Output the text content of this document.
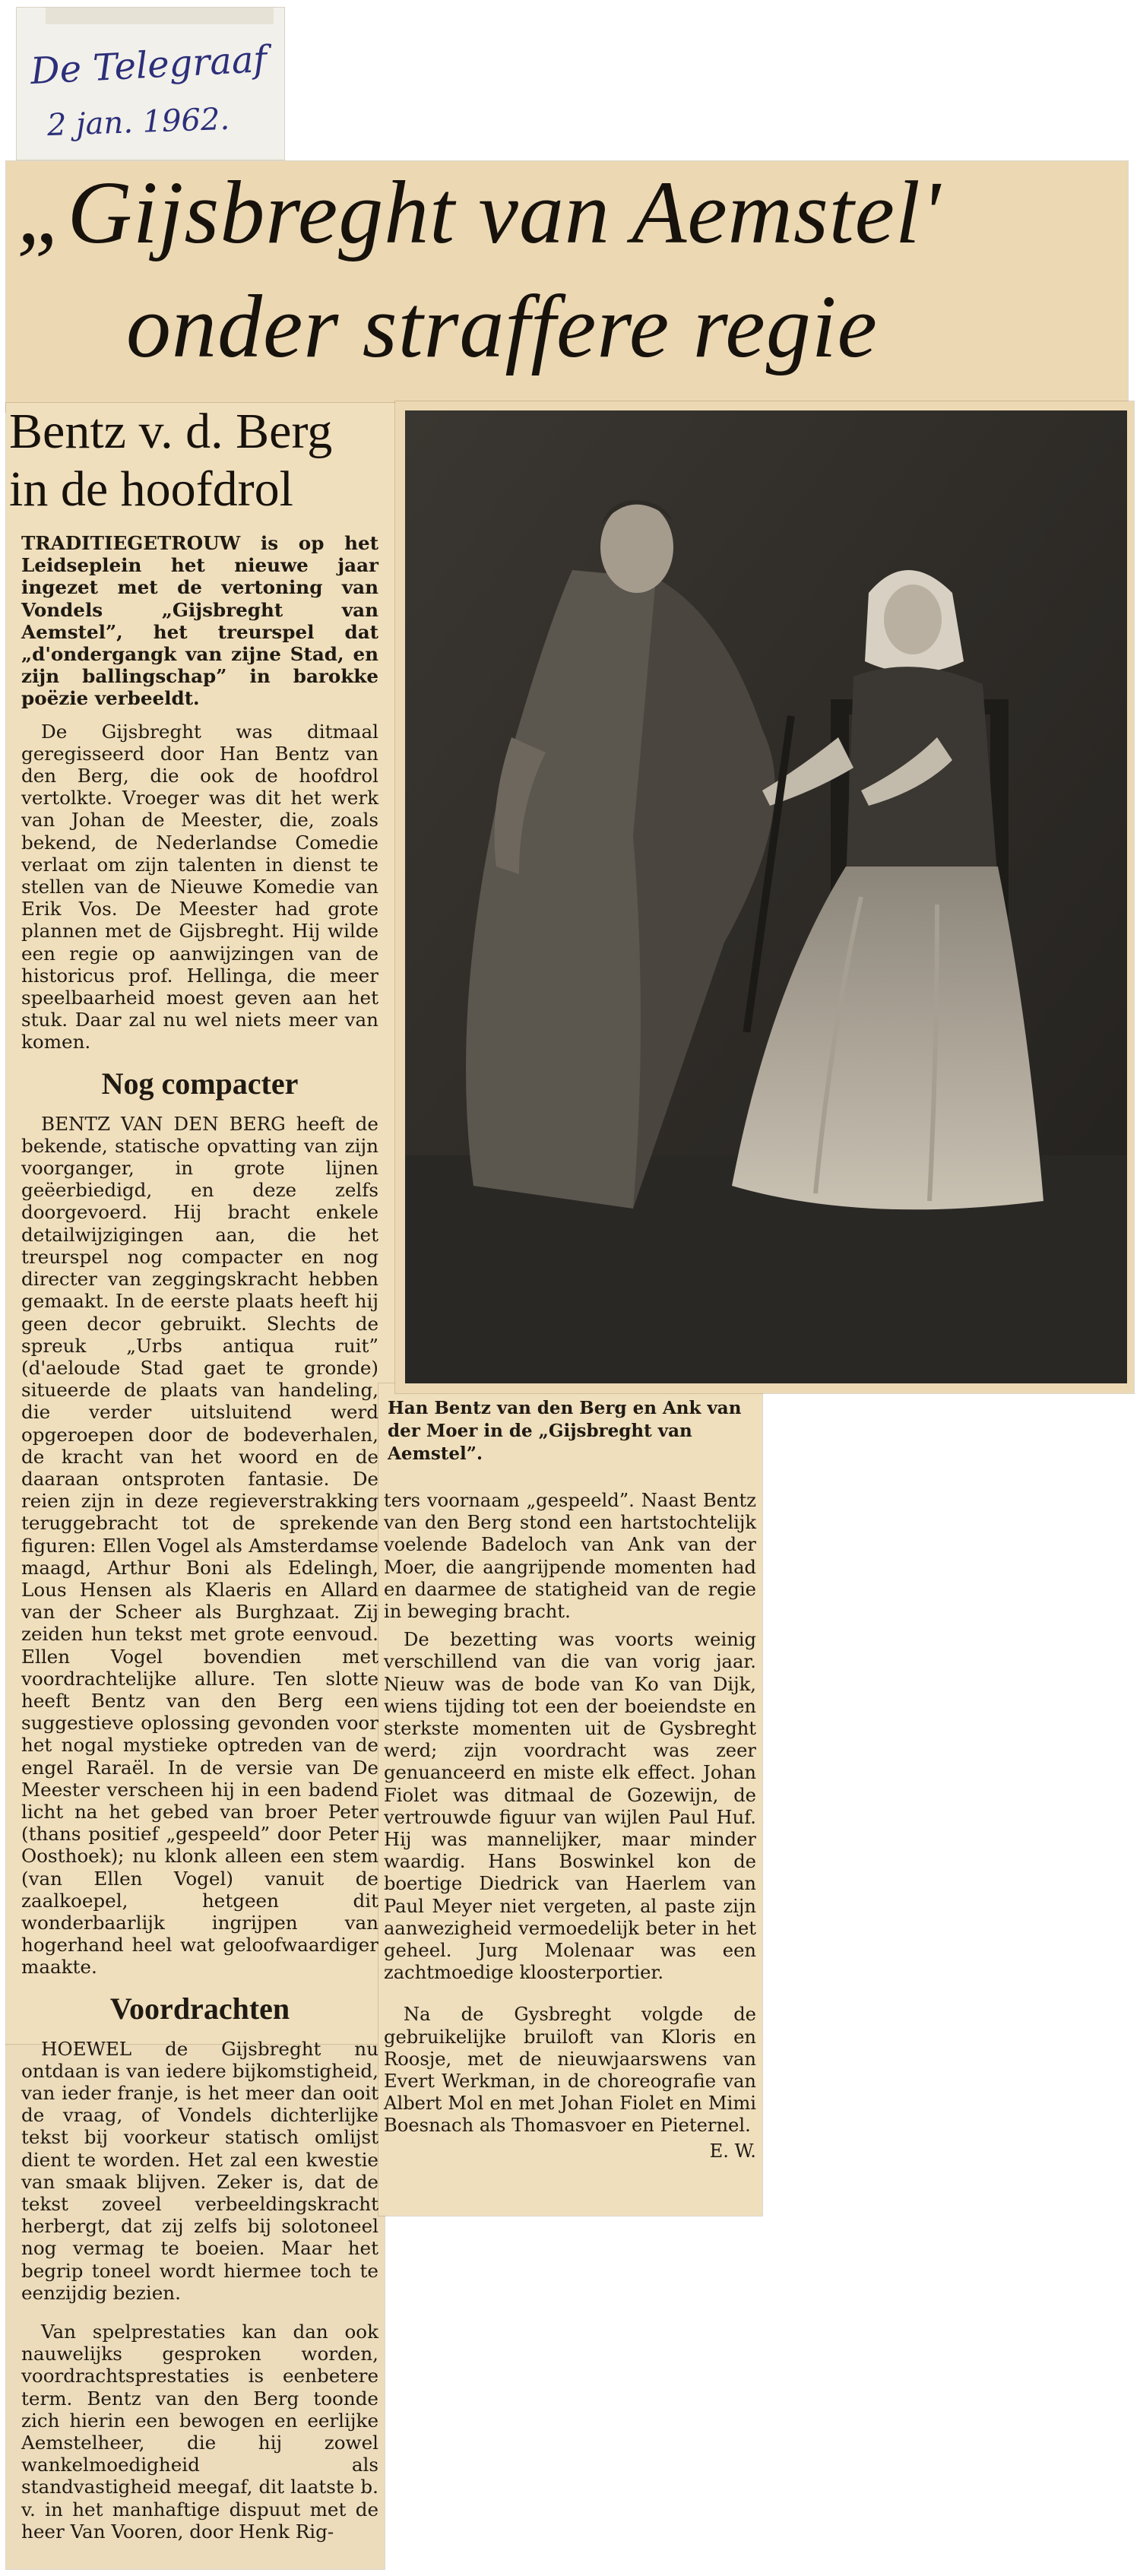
De Telegraaf
2 jan. 1962.
„Gijsbreght van Aemstel'
onder straffere regie
Bentz v. d. Berg
in de hoofdrol

TRADITIEGETROUW is op het Leidseplein het nieuwe jaar ingezet met de vertoning van Vondels „Gijsbreght van Aemstel”, het treurspel dat „d'ondergangk van zijne Stad, en zijn ballingschap” in barokke poëzie verbeeldt.

De Gijsbreght was ditmaal geregisseerd door Han Bentz van den Berg, die ook de hoofdrol vertolkte. Vroeger was dit het werk van Johan de Meester, die, zoals bekend, de Nederlandse Comedie verlaat om zijn talenten in dienst te stellen van de Nieuwe Komedie van Erik Vos. De Meester had grote plannen met de Gijsbreght. Hij wilde een regie op aanwijzingen van de historicus prof. Hellinga, die meer speelbaarheid moest geven aan het stuk. Daar zal nu wel niets meer van komen.

Nog compacter

BENTZ VAN DEN BERG heeft de bekende, statische opvatting van zijn voorganger, in grote lijnen geëerbiedigd, en deze zelfs doorgevoerd. Hij bracht enkele detailwijzigingen aan, die het treurspel nog compacter en nog directer van zeggingskracht hebben gemaakt. In de eerste plaats heeft hij geen decor gebruikt. Slechts de spreuk „Urbs antiqua ruit” (d'aeloude Stad gaet te gronde) situeerde de plaats van handeling, die verder uitsluitend werd opgeroepen door de bodeverhalen, de kracht van het woord en de daaraan ontsproten fantasie. De reien zijn in deze regieverstrakking teruggebracht tot de sprekende figuren: Ellen Vogel als Amsterdamse maagd, Arthur Boni als Edelingh, Lous Hensen als Klaeris en Allard van der Scheer als Burghzaat. Zij zeiden hun tekst met grote eenvoud. Ellen Vogel bovendien met voordrachtelijke allure. Ten slotte heeft Bentz van den Berg een suggestieve oplossing gevonden voor het nogal mystieke optreden van de engel Raraël. In de versie van De Meester verscheen hij in een badend licht na het gebed van broer Peter (thans positief „gespeeld” door Peter Oosthoek); nu klonk alleen een stem (van Ellen Vogel) vanuit de zaalkoepel, hetgeen dit wonderbaarlijk ingrijpen van hogerhand heel wat geloofwaardiger maakte.

Voordrachten

HOEWEL de Gijsbreght nu ontdaan is van iedere bijkomstigheid, van ieder franje, is het meer dan ooit de vraag, of Vondels dichterlijke tekst bij voorkeur statisch omlijst dient te worden. Het zal een kwestie van smaak blijven. Zeker is, dat de tekst zoveel verbeeldingskracht herbergt, dat zij zelfs bij solotoneel nog vermag te boeien. Maar het begrip toneel wordt hiermee toch te eenzijdig bezien.

Van spelprestaties kan dan ook nauwelijks gesproken worden, voordrachtsprestaties is eenbetere term. Bentz van den Berg toonde zich hierin een bewogen en eerlijke Aemstelheer, die hij zowel wankelmoedigheid als standvastigheid meegaf, dit laatste b. v. in het manhaftige dispuut met de heer Van Vooren, door Henk Rig-

Han Bentz van den Berg en Ank van der Moer in de „Gijsbreght van Aemstel”.

ters voornaam „gespeeld”. Naast Bentz van den Berg stond een hartstochtelijk voelende Badeloch van Ank van der Moer, die aangrijpende momenten had en daarmee de statigheid van de regie in beweging bracht.

De bezetting was voorts weinig verschillend van die van vorig jaar. Nieuw was de bode van Ko van Dijk, wiens tijding tot een der boeiendste en sterkste momenten uit de Gysbreght werd; zijn voordracht was zeer genuanceerd en miste elk effect. Johan Fiolet was ditmaal de Gozewijn, de vertrouwde figuur van wijlen Paul Huf. Hij was mannelijker, maar minder waardig. Hans Boswinkel kon de boertige Diedrick van Haerlem van Paul Meyer niet vergeten, al paste zijn aanwezigheid vermoedelijk beter in het geheel. Jurg Molenaar was een zachtmoedige kloosterportier.

Na de Gysbreght volgde de gebruikelijke bruiloft van Kloris en Roosje, met de nieuwjaarswens van Evert Werkman, in de choreografie van Albert Mol en met Johan Fiolet en Mimi Boesnach als Thomasvoer en Pieternel.

E. W.
